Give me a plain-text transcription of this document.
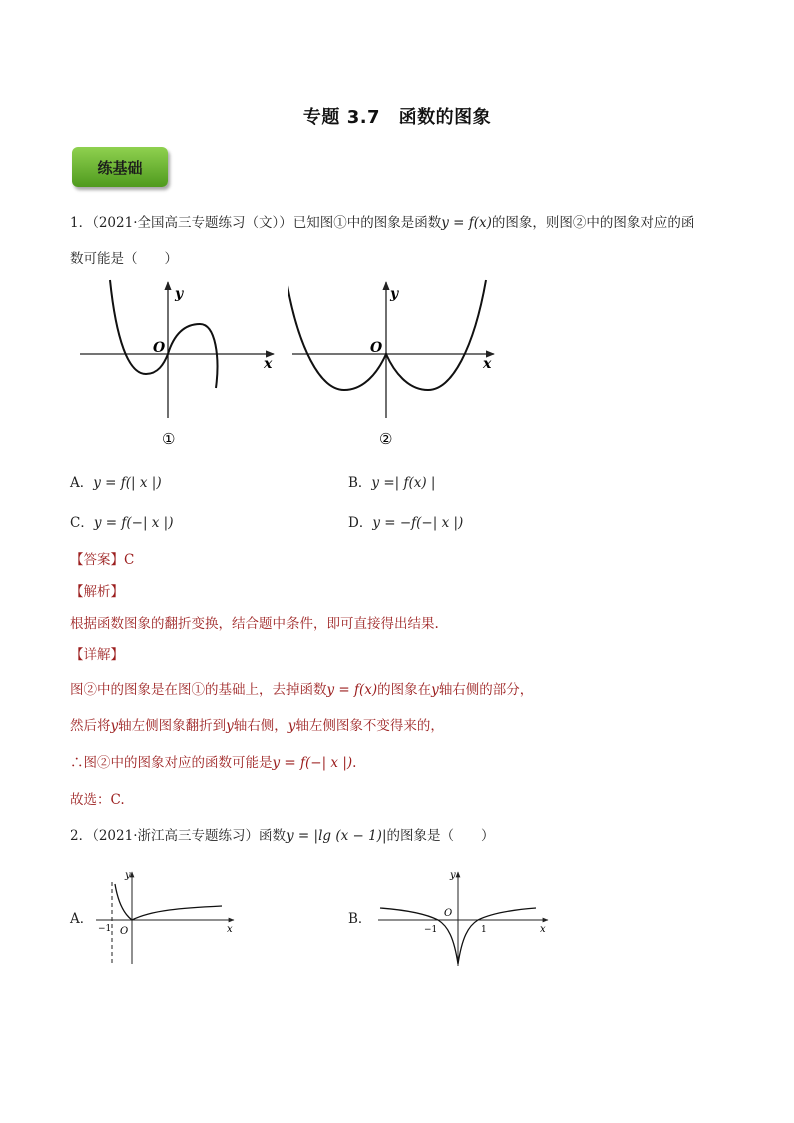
专题 3.7　函数的图象
练基础
1．（2021·全国高三专题练习（文））已知图①中的图象是函数y = f(x)的图象，则图②中的图象对应的函
数可能是（　　）
y
x
O
①
y
x
O
②
A．y = f(| x |)	B．y =| f(x) |
C．y = f(−| x |)	D．y = −f(−| x |)
【答案】C
【解析】
根据函数图象的翻折变换，结合题中条件，即可直接得出结果.
【详解】
图②中的图象是在图①的基础上，去掉函数y = f(x)的图象在y轴右侧的部分，
然后将y轴左侧图象翻折到y轴右侧，y轴左侧图象不变得来的，
∴图②中的图象对应的函数可能是y = f(−| x |).
故选：C.
2．（2021·浙江高三专题练习）函数y = |lg (x − 1)|的图象是（　　）
A．
y
x
O
−1
B．
y
x
O
−1	1
